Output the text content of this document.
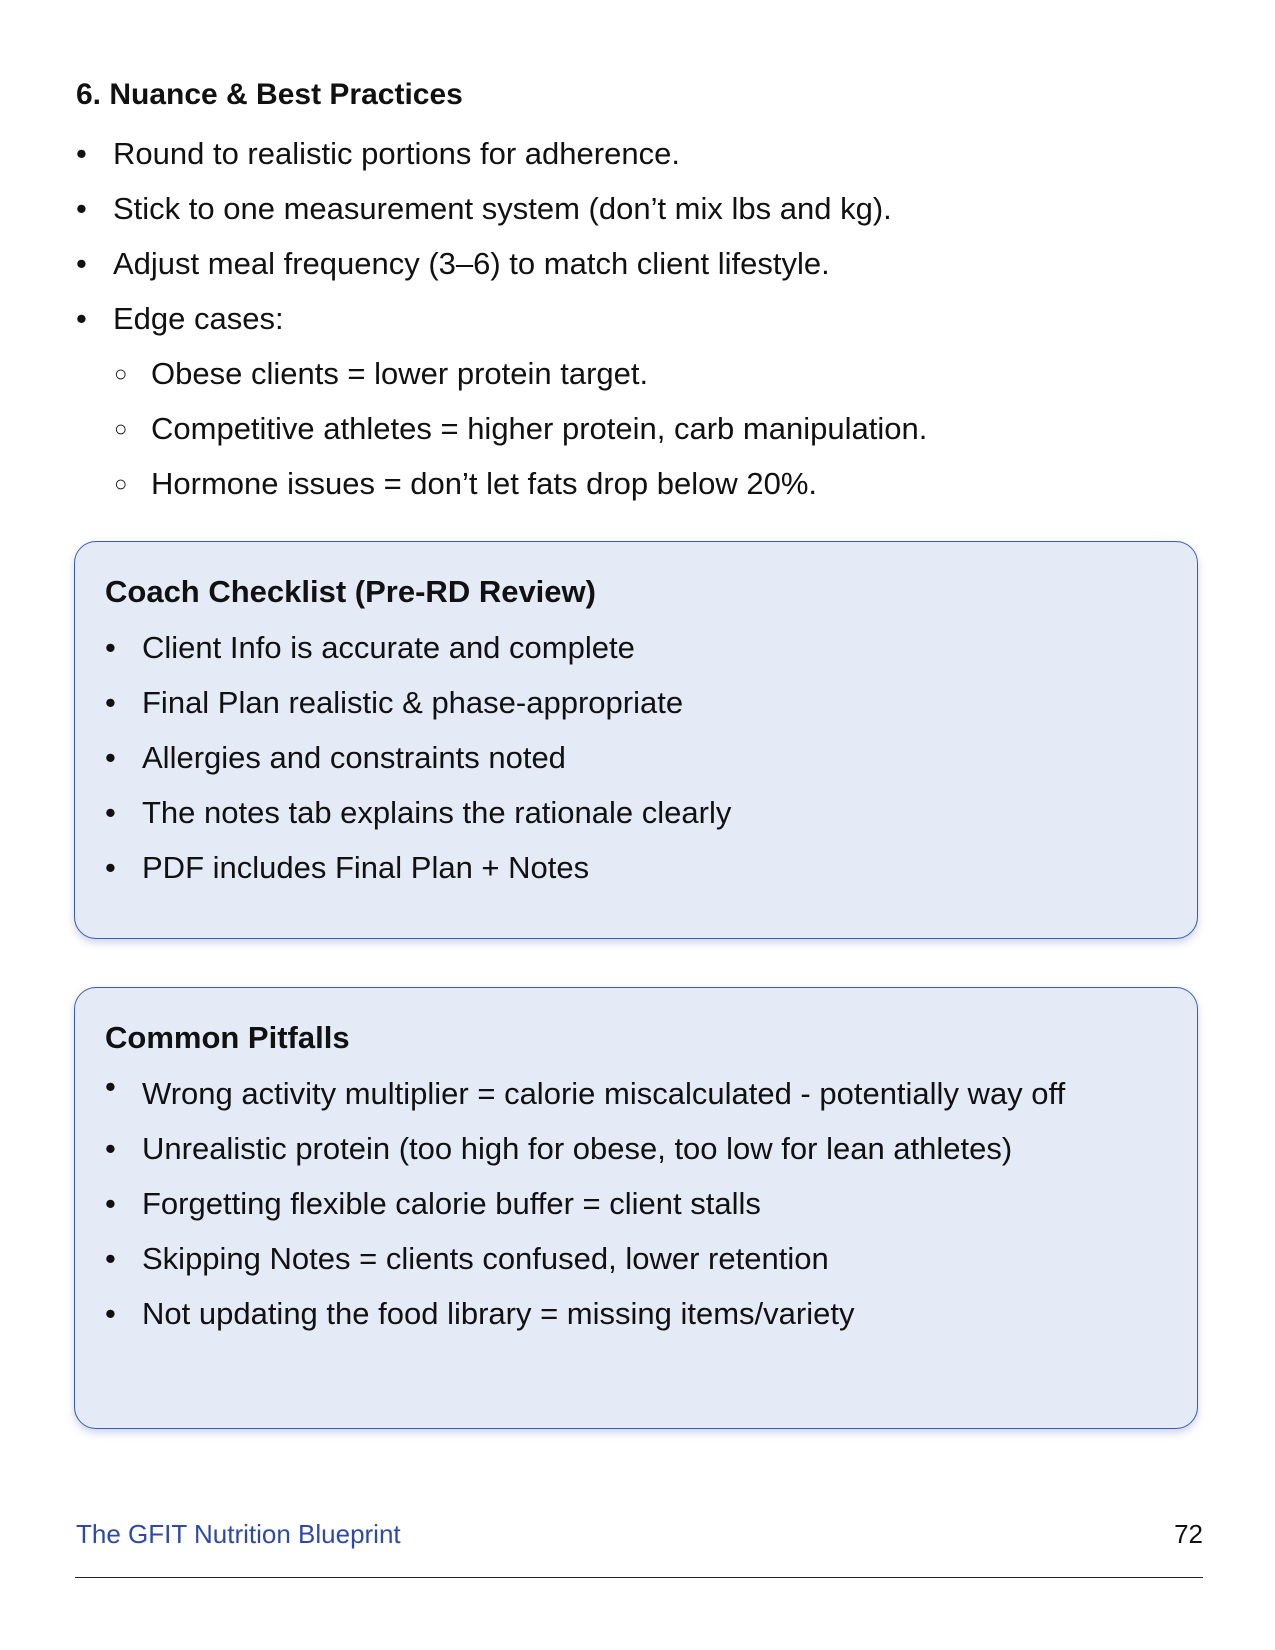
6. Nuance & Best Practices
• Round to realistic portions for adherence.
• Stick to one measurement system (don’t mix lbs and kg).
• Adjust meal frequency (3–6) to match client lifestyle.
• Edge cases:
○ Obese clients = lower protein target.
○ Competitive athletes = higher protein, carb manipulation.
○ Hormone issues = don’t let fats drop below 20%.
Coach Checklist (Pre-RD Review)
• Client Info is accurate and complete
• Final Plan realistic & phase-appropriate
• Allergies and constraints noted
• The notes tab explains the rationale clearly
• PDF includes Final Plan + Notes
Common Pitfalls
• Wrong activity multiplier = calorie miscalculated - potentially way off
• Unrealistic protein (too high for obese, too low for lean athletes)
• Forgetting flexible calorie buffer = client stalls
• Skipping Notes = clients confused, lower retention
• Not updating the food library = missing items/variety
The GFIT Nutrition Blueprint	72
